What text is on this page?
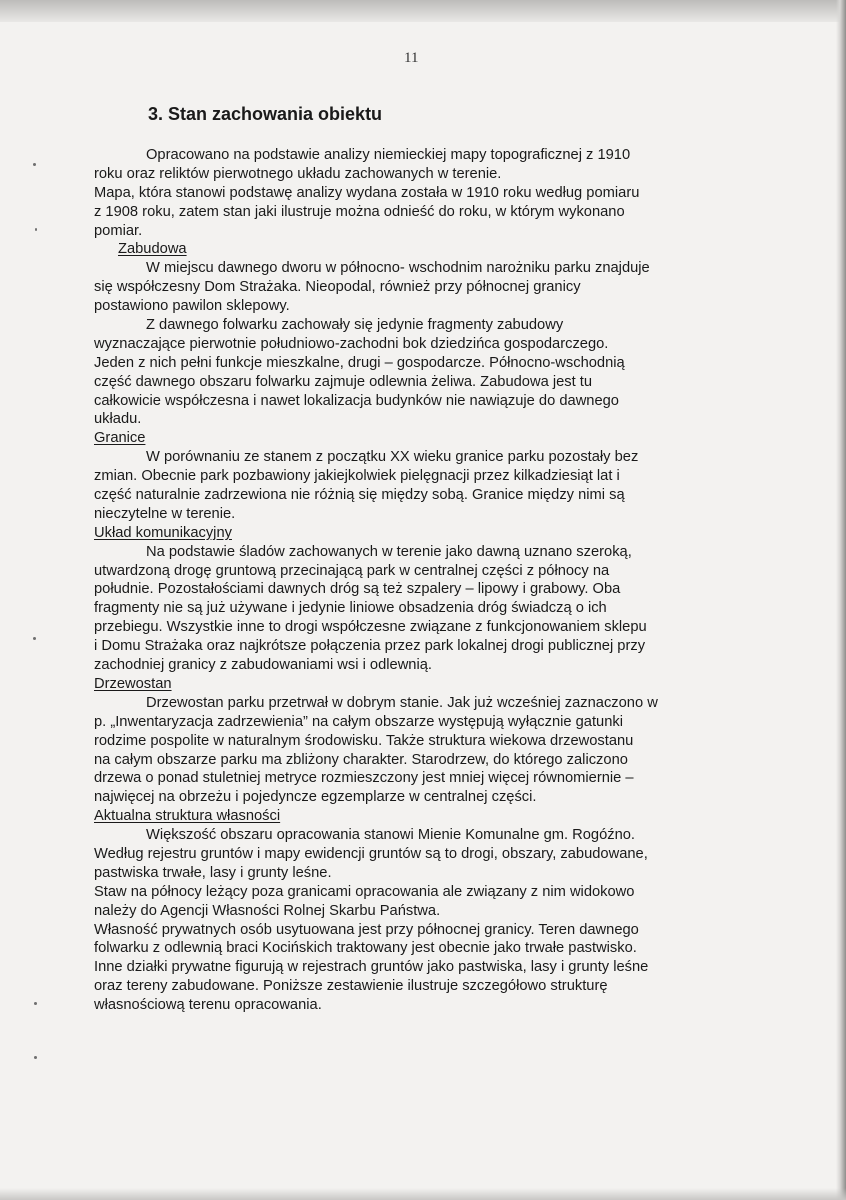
11
3. Stan zachowania obiektu
Opracowano na podstawie analizy niemieckiej mapy topograficznej z 1910
roku oraz reliktów pierwotnego układu zachowanych w terenie.
Mapa, która stanowi podstawę analizy wydana została w 1910 roku według pomiaru
z 1908 roku, zatem stan jaki ilustruje można odnieść do roku, w którym wykonano
pomiar.
Zabudowa
W miejscu dawnego dworu w północno- wschodnim narożniku parku znajduje
się współczesny Dom Strażaka. Nieopodal, również przy północnej granicy
postawiono pawilon sklepowy.
Z dawnego folwarku zachowały się jedynie fragmenty zabudowy
wyznaczające pierwotnie południowo-zachodni bok dziedzińca gospodarczego.
Jeden z nich pełni funkcje mieszkalne, drugi – gospodarcze. Północno-wschodnią
część dawnego obszaru folwarku zajmuje odlewnia żeliwa. Zabudowa jest tu
całkowicie współczesna i nawet lokalizacja budynków nie nawiązuje do dawnego
układu.
Granice
W porównaniu ze stanem z początku XX wieku granice parku pozostały bez
zmian. Obecnie park pozbawiony jakiejkolwiek pielęgnacji przez kilkadziesiąt lat i
część naturalnie zadrzewiona nie różnią się między sobą. Granice między nimi są
nieczytelne w terenie.
Układ komunikacyjny
Na podstawie śladów zachowanych w terenie jako dawną uznano szeroką,
utwardzoną drogę gruntową przecinającą park w centralnej części z północy na
południe. Pozostałościami dawnych dróg są też szpalery – lipowy i grabowy. Oba
fragmenty nie są już używane i jedynie liniowe obsadzenia dróg świadczą o ich
przebiegu. Wszystkie inne to drogi współczesne związane z funkcjonowaniem sklepu
i Domu Strażaka oraz najkrótsze połączenia przez park lokalnej drogi publicznej przy
zachodniej granicy z zabudowaniami wsi i odlewnią.
Drzewostan
Drzewostan parku przetrwał w dobrym stanie. Jak już wcześniej zaznaczono w
p. „Inwentaryzacja zadrzewienia” na całym obszarze występują wyłącznie gatunki
rodzime pospolite w naturalnym środowisku. Także struktura wiekowa drzewostanu
na całym obszarze parku ma zbliżony charakter. Starodrzew, do którego zaliczono
drzewa o ponad stuletniej metryce rozmieszczony jest mniej więcej równomiernie –
najwięcej na obrzeżu i pojedyncze egzemplarze w centralnej części.
Aktualna struktura własności
Większość obszaru opracowania stanowi Mienie Komunalne gm. Rogóźno.
Według rejestru gruntów i mapy ewidencji gruntów są to drogi, obszary, zabudowane,
pastwiska trwałe, lasy i grunty leśne.
Staw na północy leżący poza granicami opracowania ale związany z nim widokowo
należy do Agencji Własności Rolnej Skarbu Państwa.
Własność prywatnych osób usytuowana jest przy północnej granicy. Teren dawnego
folwarku z odlewnią braci Kocińskich traktowany jest obecnie jako trwałe pastwisko.
Inne działki prywatne figurują w rejestrach gruntów jako pastwiska, lasy i grunty leśne
oraz tereny zabudowane. Poniższe zestawienie ilustruje szczegółowo strukturę
własnościową terenu opracowania.
